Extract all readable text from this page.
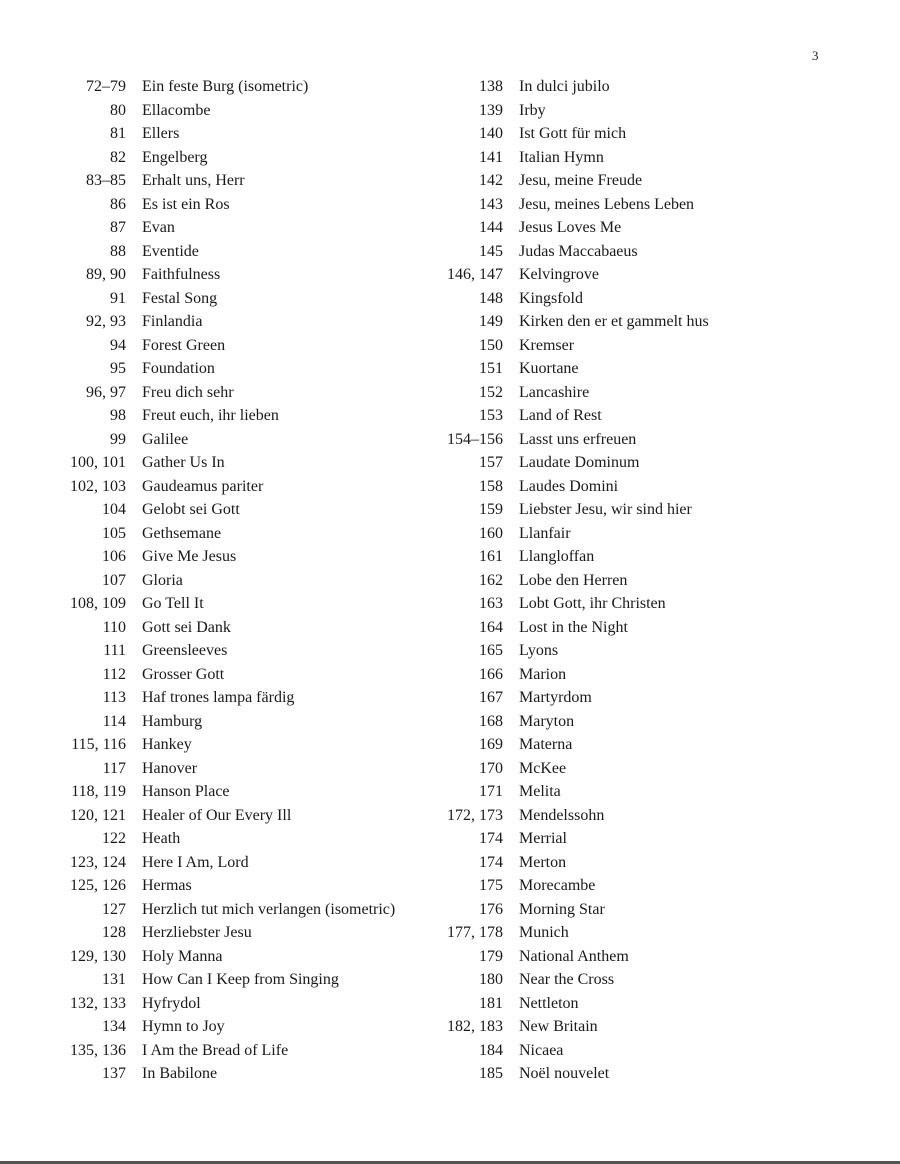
3
72–79	Ein feste Burg (isometric)
80	Ellacombe
81	Ellers
82	Engelberg
83–85	Erhalt uns, Herr
86	Es ist ein Ros
87	Evan
88	Eventide
89, 90	Faithfulness
91	Festal Song
92, 93	Finlandia
94	Forest Green
95	Foundation
96, 97	Freu dich sehr
98	Freut euch, ihr lieben
99	Galilee
100, 101	Gather Us In
102, 103	Gaudeamus pariter
104	Gelobt sei Gott
105	Gethsemane
106	Give Me Jesus
107	Gloria
108, 109	Go Tell It
110	Gott sei Dank
111	Greensleeves
112	Grosser Gott
113	Haf trones lampa färdig
114	Hamburg
115, 116	Hankey
117	Hanover
118, 119	Hanson Place
120, 121	Healer of Our Every Ill
122	Heath
123, 124	Here I Am, Lord
125, 126	Hermas
127	Herzlich tut mich verlangen (isometric)
128	Herzliebster Jesu
129, 130	Holy Manna
131	How Can I Keep from Singing
132, 133	Hyfrydol
134	Hymn to Joy
135, 136	I Am the Bread of Life
137	In Babilone
138	In dulci jubilo
139	Irby
140	Ist Gott für mich
141	Italian Hymn
142	Jesu, meine Freude
143	Jesu, meines Lebens Leben
144	Jesus Loves Me
145	Judas Maccabaeus
146, 147	Kelvingrove
148	Kingsfold
149	Kirken den er et gammelt hus
150	Kremser
151	Kuortane
152	Lancashire
153	Land of Rest
154–156	Lasst uns erfreuen
157	Laudate Dominum
158	Laudes Domini
159	Liebster Jesu, wir sind hier
160	Llanfair
161	Llangloffan
162	Lobe den Herren
163	Lobt Gott, ihr Christen
164	Lost in the Night
165	Lyons
166	Marion
167	Martyrdom
168	Maryton
169	Materna
170	McKee
171	Melita
172, 173	Mendelssohn
174	Merrial
174	Merton
175	Morecambe
176	Morning Star
177, 178	Munich
179	National Anthem
180	Near the Cross
181	Nettleton
182, 183	New Britain
184	Nicaea
185	Noël nouvelet
